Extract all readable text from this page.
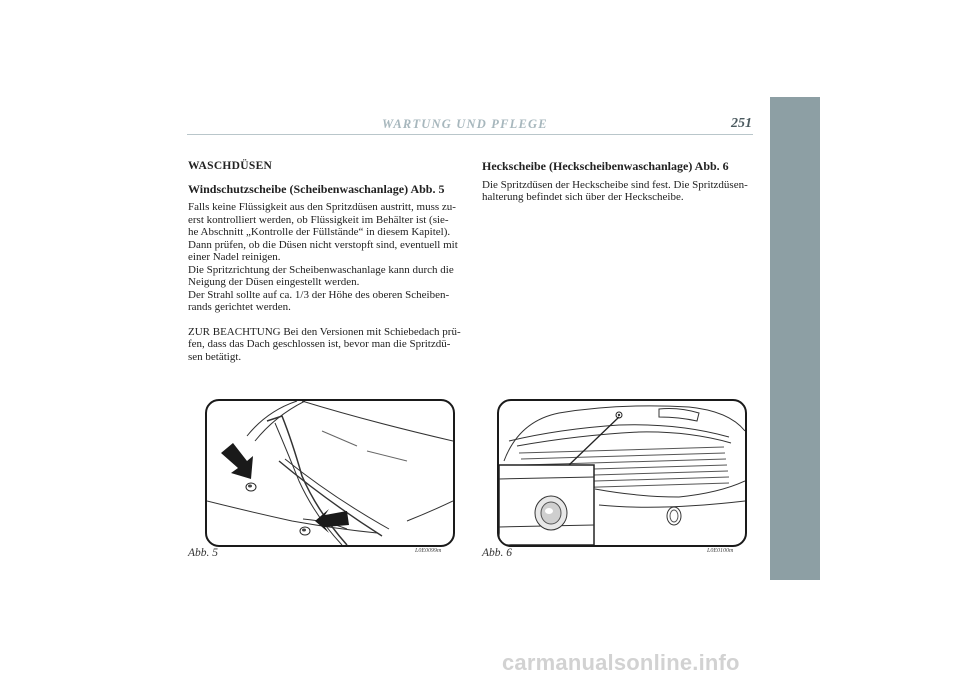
WARTUNG UND PFLEGE	251
WASCHDÜSEN
Windschutzscheibe (Scheibenwaschanlage) Abb. 5
Falls keine Flüssigkeit aus den Spritzdüsen austritt, muss zu-
erst kontrolliert werden, ob Flüssigkeit im Behälter ist (sie-
he Abschnitt „Kontrolle der Füllstände“ in diesem Kapitel).
Dann prüfen, ob die Düsen nicht verstopft sind, eventuell mit
einer Nadel reinigen.
Die Spritzrichtung der Scheibenwaschanlage kann durch die
Neigung der Düsen eingestellt werden.
Der Strahl sollte auf ca. 1/3 der Höhe des oberen Scheiben-
rands gerichtet werden.
ZUR BEACHTUNG Bei den Versionen mit Schiebedach prü-
fen, dass das Dach geschlossen ist, bevor man die Spritzdü-
sen betätigt.
Heckscheibe (Heckscheibenwaschanlage) Abb. 6
Die Spritzdüsen der Heckscheibe sind fest. Die Spritzdüsen-
halterung befindet sich über der Heckscheibe.
Abb. 5	L0E0099m	Abb. 6	L0E0100m
carmanualsonline.info
